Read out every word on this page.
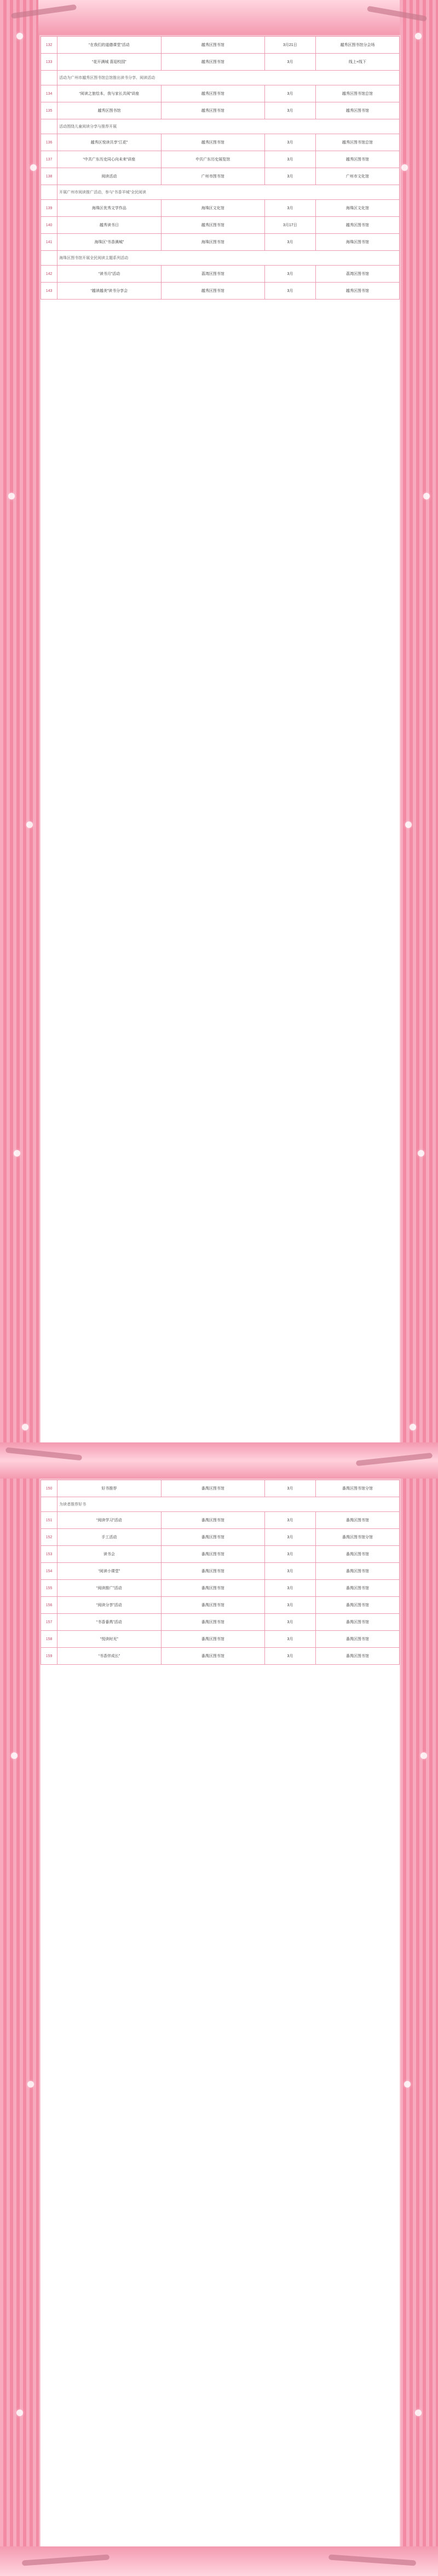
132	“在我们的道德课堂”活动	越秀区图书馆	3月21日	越秀区图书馆分会场
133	“花开满城 喜迎校园”	越秀区图书馆	3月	线上+线下
	活动为广州市越秀区图书馆总馆推出读书分享、阅读活动			
134	“阅读之旅绘本，我与家长共阅”讲座	越秀区图书馆	3月	越秀区图书馆总馆
135	越秀区图书馆	越秀区图书馆	3月	越秀区图书馆
	活动围绕儿童阅读分享与推荐开展			
136	越秀区悦读共享“江花”	越秀区图书馆	3月	越秀区图书馆总馆
137	“中共广东历史同心向未来”讲座	中共广东历史展览馆	3月	越秀区图书馆
138	阅读活动	广州市图书馆	3月	广州市文化馆
	开展广州市阅读推广活动，参与“书香羊城”全民阅读			
139	海珠区优秀文学作品	海珠区文化馆	3月	海珠区文化馆
140	越秀读书日	越秀区图书馆	3月17日	越秀区图书馆
141	海珠区“书香满城”	海珠区图书馆	3月	海珠区图书馆
	海珠区图书馆开展全民阅读主题系列活动			
142	“读书月”活动	荔湾区图书馆	3月	荔湾区图书馆
143	“越读越美”读书分享会	越秀区图书馆	3月	越秀区图书馆
150	好书推荐	番禺区图书馆	3月	番禺区图书馆分馆
	为读者推荐好书			
151	“阅读学习”活动	番禺区图书馆	3月	番禺区图书馆
152	手工活动	番禺区图书馆	3月	番禺区图书馆分馆
153	读书会	番禺区图书馆	3月	番禺区图书馆
154	“阅读小课堂”	番禺区图书馆	3月	番禺区图书馆
155	“阅读推广”活动	番禺区图书馆	3月	番禺区图书馆
156	“阅读分享”活动	番禺区图书馆	3月	番禺区图书馆
157	“书香番禺”活动	番禺区图书馆	3月	番禺区图书馆
158	“悦读时光”	番禺区图书馆	3月	番禺区图书馆
159	“书香伴成长”	番禺区图书馆	3月	番禺区图书馆
